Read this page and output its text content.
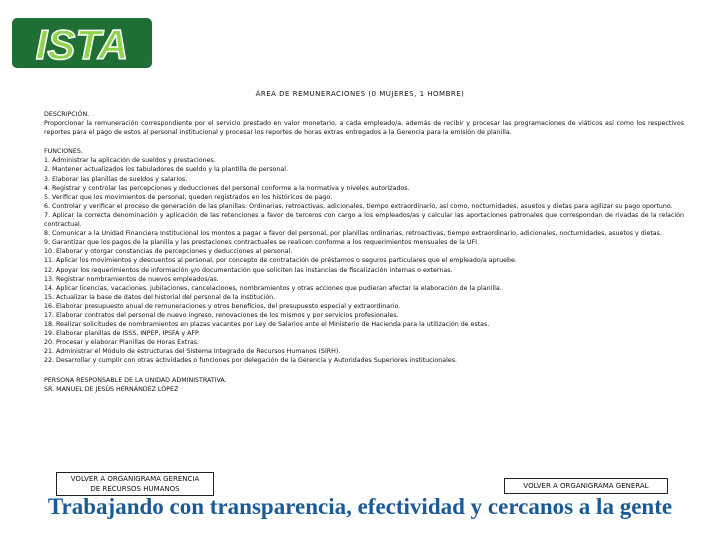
ISTA
ÁREA DE REMUNERACIONES (0 MUJERES, 1 HOMBRE)

DESCRIPCIÓN.

Proporcionar la remuneración correspondiente por el servicio prestado en valor monetario, a cada empleado/a, además de recibir y procesar las programaciones de viáticos así como los respectivos reportes para el pago de estos al personal institucional y procesar los reportes de horas extras entregados a la Gerencia para la emisión de planilla.

FUNCIONES.

1. Administrar la aplicación de sueldos y prestaciones.
2. Mantener actualizados los tabuladores de sueldo y la plantilla de personal.
3. Elaborar las planillas de sueldos y salarios.
4. Registrar y controlar las percepciones y deducciones del personal conforme a la normativa y niveles autorizados.
5. Verificar que los movimientos de personal, queden registrados en los históricos de pago.
6. Controlar y verificar el proceso de generación de las planillas: Ordinarias, retroactivas, adicionales, tiempo extraordinario, así como, nocturnidades, asuetos y dietas para agilizar su pago oportuno.
7. Aplicar la correcta denominación y aplicación de las retenciones a favor de terceros con cargo a los empleados/as y calcular las aportaciones patronales que correspondan de rivadas de la relación contractual.
8. Comunicar a la Unidad Financiera Institucional los montos a pagar a favor del personal, por planillas ordinarias, retroactivas, tiempo extraordinario, adicionales, nocturnidades, asuetos y dietas.
9. Garantizar que los pagos de la planilla y las prestaciones contractuales se realicen conforme a los requerimientos mensuales de la UFI.
10. Elaborar y otorgar constancias de percepciones y deducciones al personal.
11. Aplicar los movimientos y descuentos al personal, por concepto de contratación de préstamos o seguros particulares que el empleado/a apruebe.
12. Apoyar los requerimientos de información y/o documentación que soliciten las instancias de fiscalización internas o externas.
13. Registrar nombramientos de nuevos empleados/as.
14. Aplicar licencias, vacaciones, jubilaciones, cancelaciones, nombramientos y otras acciones que pudieran afectar la elaboración de la planilla.
15. Actualizar la base de datos del historial del personal de la institución.
16. Elaborar presupuesto anual de remuneraciones y otros beneficios, del presupuesto especial y extraordinario.
17. Elaborar contratos del personal de nuevo ingreso, renovaciones de los mismos y por servicios profesionales.
18. Realizar solicitudes de nombramientos en plazas vacantes por Ley de Salarios ante el Ministerio de Hacienda para la utilización de estas.
19. Elaborar planillas de ISSS, INPEP, IPSFA y AFP.
20. Procesar y elaborar Planillas de Horas Extras.
21. Administrar el Módulo de estructuras del Sistema Integrado de Recursos Humanos (SIRH).
22. Desarrollar y cumplir con otras actividades o funciones por delegación de la Gerencia y Autoridades Superiores institucionales.

PERSONA RESPONSABLE DE LA UNIDAD ADMINISTRATIVA.

SR. MANUEL DE JESÚS HERNÁNDEZ LÓPEZ

VOLVER A ORGANIGRAMA GERENCIA
DE RECURSOS HUMANOS	VOLVER A ORGANIGRAMA GENERAL
Trabajando con transparencia, efectividad y cercanos a la gente
